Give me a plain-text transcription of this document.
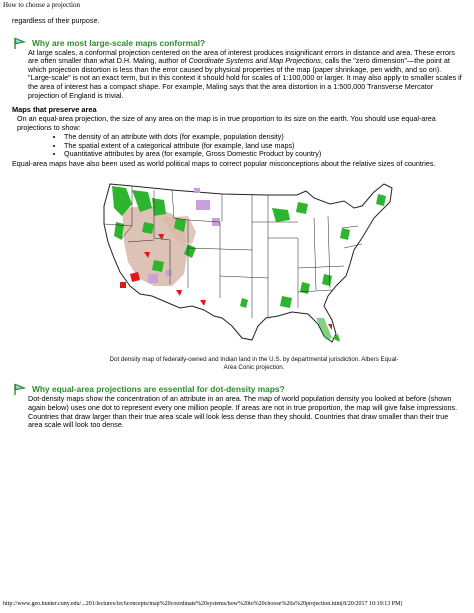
How to choose a projection

regardless of their purpose.

Why are most large-scale maps conformal?

At large scales, a conformal projection centered on the area of interest produces insignificant errors in distance and area. These errors are often smaller than what D.H. Maling, author of Coordinate Systems and Map Projections, calls the "zero dimension"—the point at which projection distortion is less than the error caused by physical properties of the map (paper shrinkage, pen width, and so on).

"Large-scale" is not an exact term, but in this context it should hold for scales of 1:100,000 or larger. It may also apply to smaller scales if the area of interest has a compact shape. For example, Maling says that the area distortion in a 1:500,000 Transverse Mercator projection of England is trivial.

Maps that preserve area

On an equal-area projection, the size of any area on the map is in true proportion to its size on the earth. You should use equal-area projections to show:

• The density of an attribute with dots (for example, population density)
• The spatial extent of a categorical attribute (for example, land use maps)
• Quantitative attributes by area (for example, Gross Domestic Product by country)

Equal-area maps have also been used as world political maps to correct popular misconceptions about the relative sizes of countries.

Dot density map of federally-owned and Indian land in the U.S. by departmental jurisdiction. Albers Equal-Area Conic projection.

Why equal-area projections are essential for dot-density maps?

Dot-density maps show the concentration of an attribute in an area. The map of world population density you looked at before (shown again below) uses one dot to represent every one million people. If areas are not in true proportion, the map will give false impressions. Countries that draw larger than their true area scale will look less dense than they should. Countries that draw smaller than their true area scale will look too dense.

http://www.geo.hunter.cuny.edu/...201/lectures/lec6concepts/map%20coordinate%20systems/how%20to%20choose%20a%20projection.htm[8/20/2017 10:19:13 PM]
